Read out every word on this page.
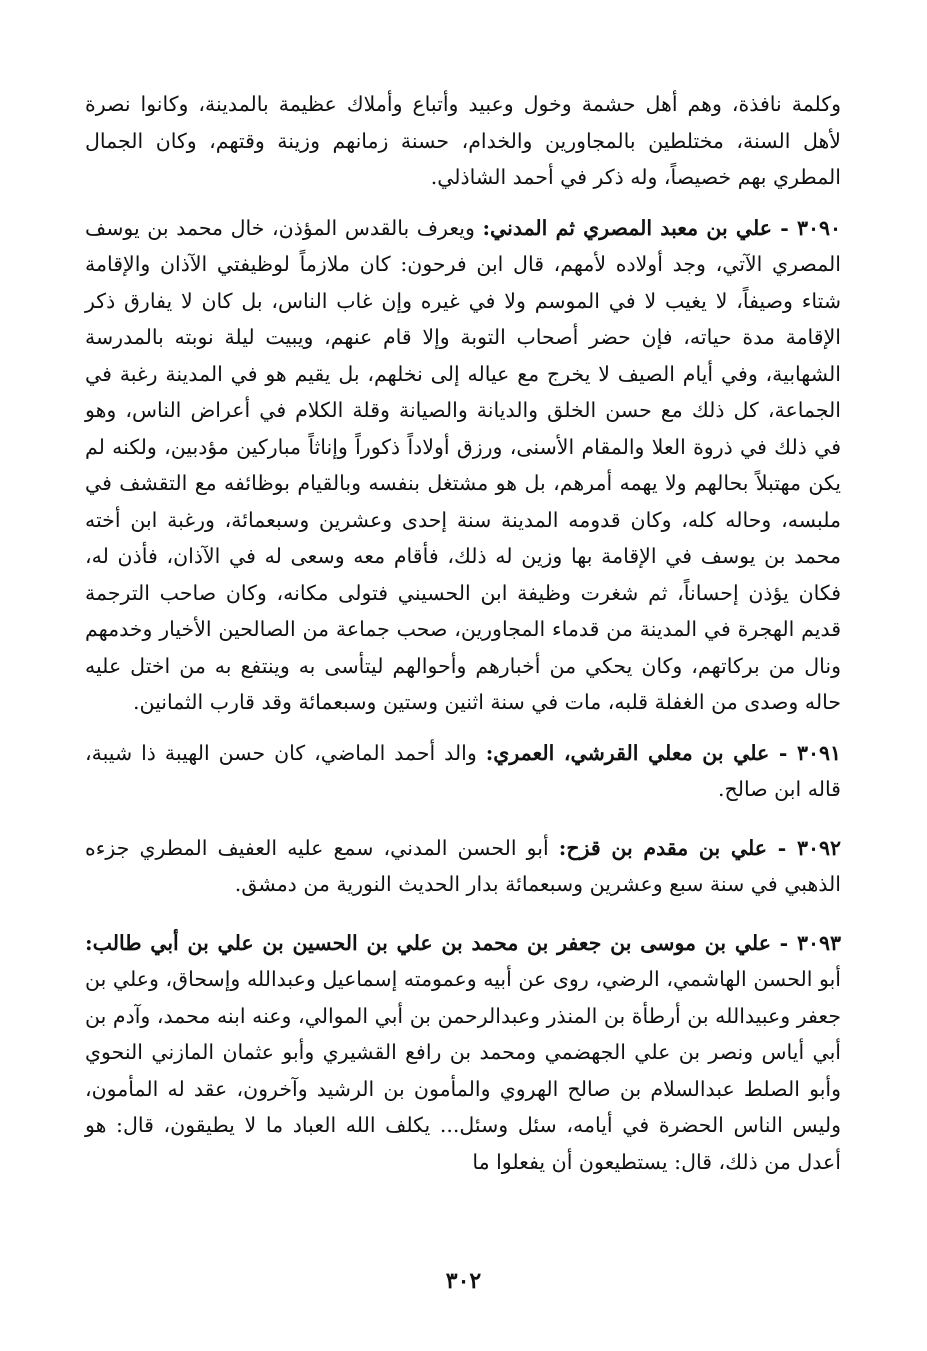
وكلمة نافذة، وهم أهل حشمة وخول وعبيد وأتباع وأملاك عظيمة بالمدينة، وكانوا نصرة لأهل السنة، مختلطين بالمجاورين والخدام، حسنة زمانهم وزينة وقتهم، وكان الجمال المطري بهم خصيصاً، وله ذكر في أحمد الشاذلي.

٣٠٩٠ - علي بن معبد المصري ثم المدني: ويعرف بالقدس المؤذن، خال محمد بن يوسف المصري الآتي، وجد أولاده لأمهم، قال ابن فرحون: كان ملازماً لوظيفتي الآذان والإقامة شتاء وصيفاً، لا يغيب لا في الموسم ولا في غيره وإن غاب الناس، بل كان لا يفارق ذكر الإقامة مدة حياته، فإن حضر أصحاب التوبة وإلا قام عنهم، ويبيت ليلة نوبته بالمدرسة الشهابية، وفي أيام الصيف لا يخرج مع عياله إلى نخلهم، بل يقيم هو في المدينة رغبة في الجماعة، كل ذلك مع حسن الخلق والديانة والصيانة وقلة الكلام في أعراض الناس، وهو في ذلك في ذروة العلا والمقام الأسنى، ورزق أولاداً ذكوراً وإناثاً مباركين مؤدبين، ولكنه لم يكن مهتبلاً بحالهم ولا يهمه أمرهم، بل هو مشتغل بنفسه وبالقيام بوظائفه مع التقشف في ملبسه، وحاله كله، وكان قدومه المدينة سنة إحدى وعشرين وسبعمائة، ورغبة ابن أخته محمد بن يوسف في الإقامة بها وزين له ذلك، فأقام معه وسعى له في الآذان، فأذن له، فكان يؤذن إحساناً، ثم شغرت وظيفة ابن الحسيني فتولى مكانه، وكان صاحب الترجمة قديم الهجرة في المدينة من قدماء المجاورين، صحب جماعة من الصالحين الأخيار وخدمهم ونال من بركاتهم، وكان يحكي من أخبارهم وأحوالهم ليتأسى به وينتفع به من اختل عليه حاله وصدى من الغفلة قلبه، مات في سنة اثنين وستين وسبعمائة وقد قارب الثمانين.

٣٠٩١ - علي بن معلي القرشي، العمري: والد أحمد الماضي، كان حسن الهيبة ذا شيبة، قاله ابن صالح.

٣٠٩٢ - علي بن مقدم بن قزح: أبو الحسن المدني، سمع عليه العفيف المطري جزءه الذهبي في سنة سبع وعشرين وسبعمائة بدار الحديث النورية من دمشق.

٣٠٩٣ - علي بن موسى بن جعفر بن محمد بن علي بن الحسين بن علي بن أبي طالب: أبو الحسن الهاشمي، الرضي، روى عن أبيه وعمومته إسماعيل وعبدالله وإسحاق، وعلي بن جعفر وعبيدالله بن أرطأة بن المنذر وعبدالرحمن بن أبي الموالي، وعنه ابنه محمد، وآدم بن أبي أياس ونصر بن علي الجهضمي ومحمد بن رافع القشيري وأبو عثمان المازني النحوي وأبو الصلط عبدالسلام بن صالح الهروي والمأمون بن الرشيد وآخرون، عقد له المأمون، وليس الناس الحضرة في أيامه، سئل وسئل... يكلف الله العباد ما لا يطيقون، قال: هو أعدل من ذلك، قال: يستطيعون أن يفعلوا ما

٣٠٢
